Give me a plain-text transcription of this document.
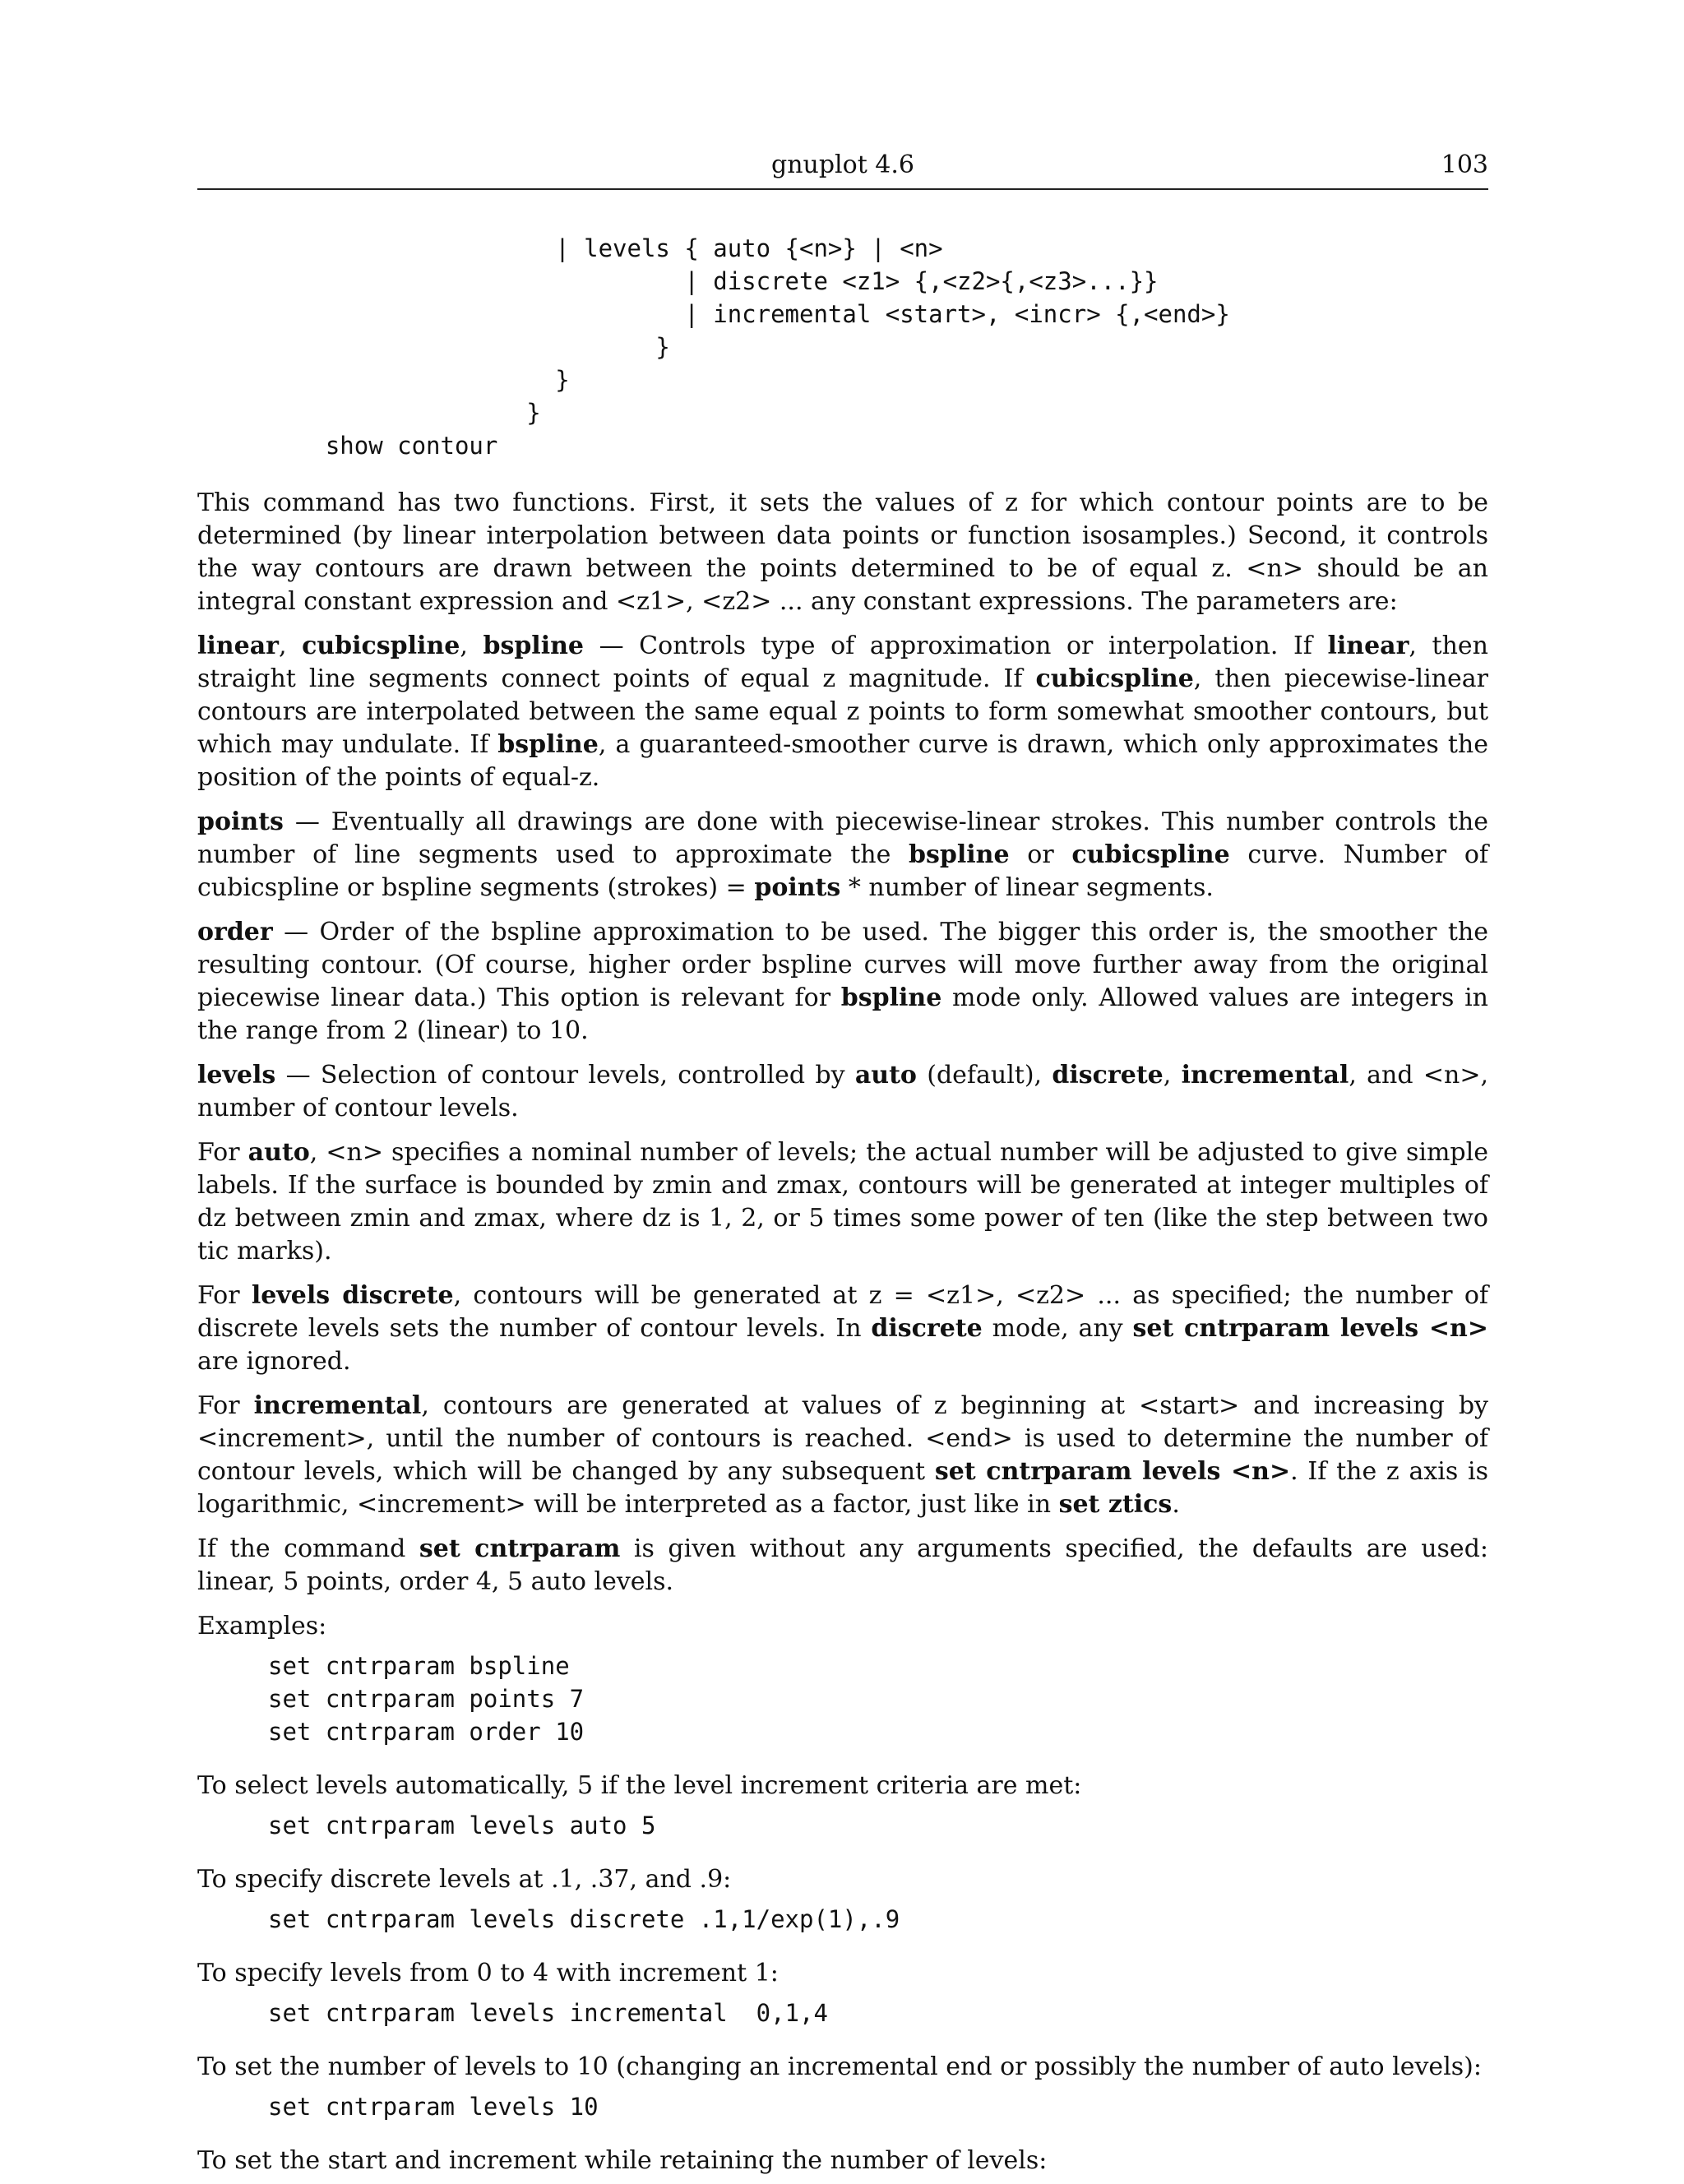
gnuplot 4.6	103
| levels { auto {<n>} | <n>
| discrete <z1> {,<z2>{,<z3>...}}
| incremental <start>, <incr> {,<end>}
}
}
}
show contour

This command has two functions. First, it sets the values of z for which contour points are to be determined (by linear interpolation between data points or function isosamples.) Second, it controls the way contours are drawn between the points determined to be of equal z. <n> should be an integral constant expression and <z1>, <z2> ... any constant expressions. The parameters are:

linear, cubicspline, bspline — Controls type of approximation or interpolation. If linear, then straight line segments connect points of equal z magnitude. If cubicspline, then piecewise-linear contours are interpolated between the same equal z points to form somewhat smoother contours, but which may undulate. If bspline, a guaranteed-smoother curve is drawn, which only approximates the position of the points of equal-z.

points — Eventually all drawings are done with piecewise-linear strokes. This number controls the number of line segments used to approximate the bspline or cubicspline curve. Number of cubicspline or bspline segments (strokes) = points * number of linear segments.

order — Order of the bspline approximation to be used. The bigger this order is, the smoother the resulting contour. (Of course, higher order bspline curves will move further away from the original piecewise linear data.) This option is relevant for bspline mode only. Allowed values are integers in the range from 2 (linear) to 10.

levels — Selection of contour levels, controlled by auto (default), discrete, incremental, and <n>, number of contour levels.

For auto, <n> specifies a nominal number of levels; the actual number will be adjusted to give simple labels. If the surface is bounded by zmin and zmax, contours will be generated at integer multiples of dz between zmin and zmax, where dz is 1, 2, or 5 times some power of ten (like the step between two tic marks).

For levels discrete, contours will be generated at z = <z1>, <z2> ... as specified; the number of discrete levels sets the number of contour levels. In discrete mode, any set cntrparam levels <n> are ignored.

For incremental, contours are generated at values of z beginning at <start> and increasing by <increment>, until the number of contours is reached. <end> is used to determine the number of contour levels, which will be changed by any subsequent set cntrparam levels <n>. If the z axis is logarithmic, <increment> will be interpreted as a factor, just like in set ztics.

If the command set cntrparam is given without any arguments specified, the defaults are used: linear, 5 points, order 4, 5 auto levels.

Examples:

set cntrparam bspline
set cntrparam points 7
set cntrparam order 10

To select levels automatically, 5 if the level increment criteria are met:

set cntrparam levels auto 5

To specify discrete levels at .1, .37, and .9:

set cntrparam levels discrete .1,1/exp(1),.9

To specify levels from 0 to 4 with increment 1:

set cntrparam levels incremental  0,1,4

To set the number of levels to 10 (changing an incremental end or possibly the number of auto levels):

set cntrparam levels 10

To set the start and increment while retaining the number of levels:
